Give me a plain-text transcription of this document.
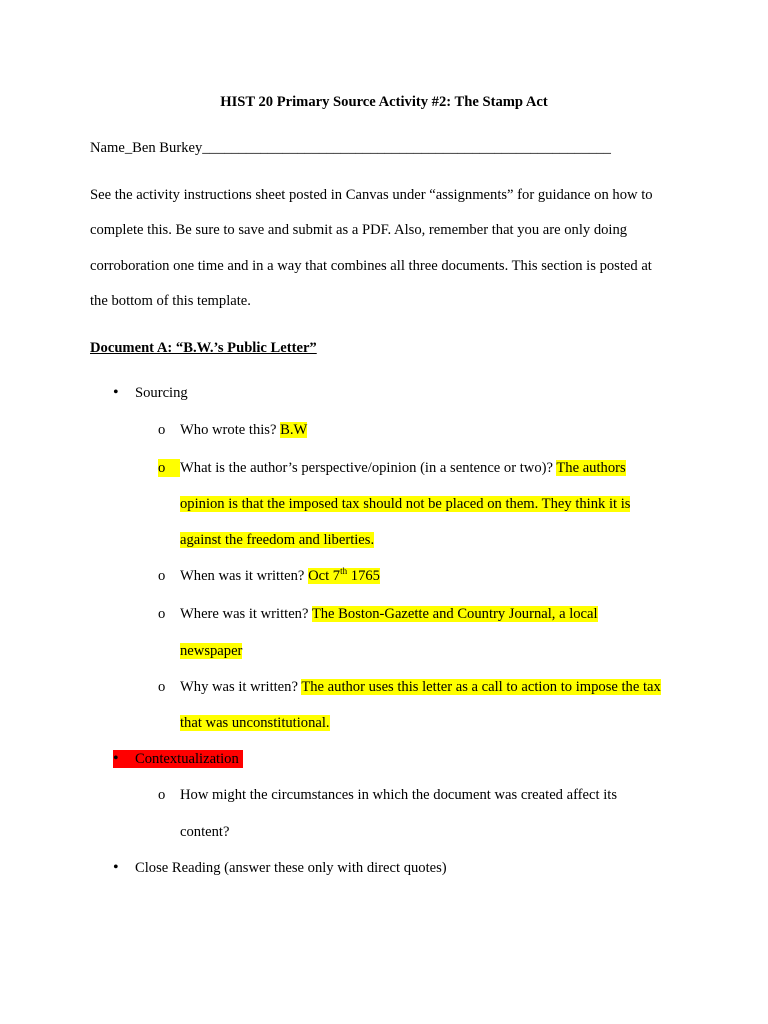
HIST 20 Primary Source Activity #2: The Stamp Act
Name_Ben Burkey________________________________________________________
See the activity instructions sheet posted in Canvas under “assignments” for guidance on how to
complete this. Be sure to save and submit as a PDF. Also, remember that you are only doing
corroboration one time and in a way that combines all three documents. This section is posted at
the bottom of this template.
Document A: “B.W.’s Public Letter”
• Sourcing
o Who wrote this? B.W
o	What is the author’s perspective/opinion (in a sentence or two)? The authors
opinion is that the imposed tax should not be placed on them. They think it is
against the freedom and liberties.
o When was it written? Oct 7th 1765
o Where was it written? The Boston-Gazette and Country Journal, a local
newspaper
o Why was it written? The author uses this letter as a call to action to impose the tax
that was unconstitutional.
• Contextualization
o How might the circumstances in which the document was created affect its
content?
• Close Reading (answer these only with direct quotes)
